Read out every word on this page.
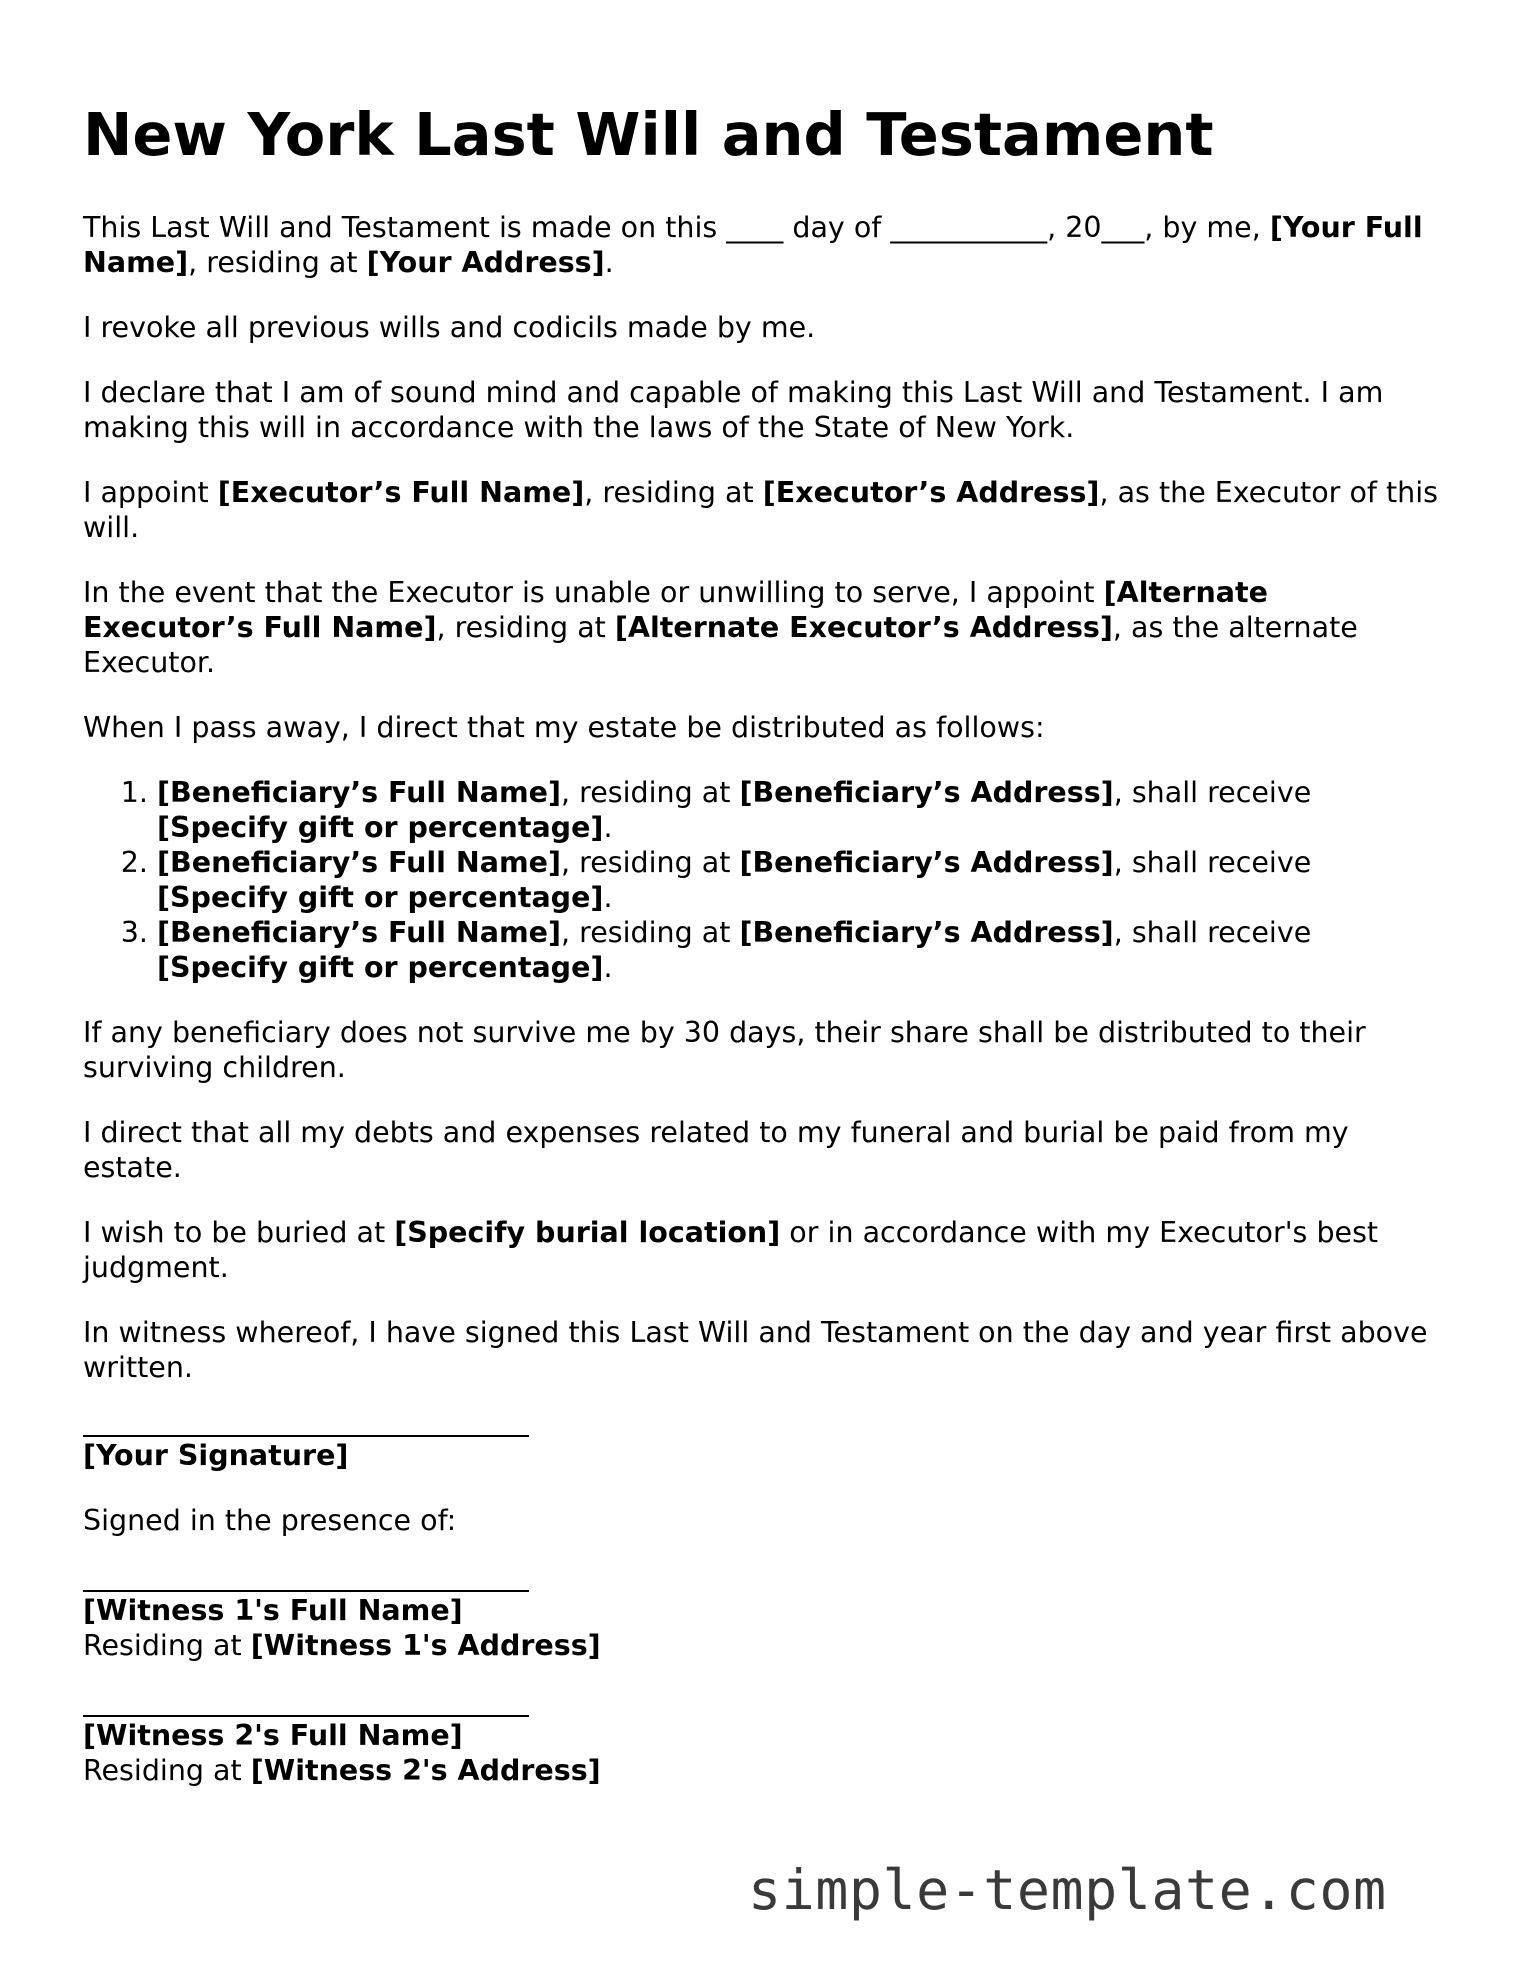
New York Last Will and Testament

This Last Will and Testament is made on this ____ day of ___________, 20___, by me, [Your Full Name], residing at [Your Address].

I revoke all previous wills and codicils made by me.

I declare that I am of sound mind and capable of making this Last Will and Testament. I am making this will in accordance with the laws of the State of New York.

I appoint [Executor’s Full Name], residing at [Executor’s Address], as the Executor of this will.

In the event that the Executor is unable or unwilling to serve, I appoint [Alternate Executor’s Full Name], residing at [Alternate Executor’s Address], as the alternate Executor.

When I pass away, I direct that my estate be distributed as follows:

1. [Beneficiary’s Full Name], residing at [Beneficiary’s Address], shall receive [Specify gift or percentage].
2. [Beneficiary’s Full Name], residing at [Beneficiary’s Address], shall receive [Specify gift or percentage].
3. [Beneficiary’s Full Name], residing at [Beneficiary’s Address], shall receive [Specify gift or percentage].

If any beneficiary does not survive me by 30 days, their share shall be distributed to their surviving children.

I direct that all my debts and expenses related to my funeral and burial be paid from my estate.

I wish to be buried at [Specify burial location] or in accordance with my Executor's best judgment.

In witness whereof, I have signed this Last Will and Testament on the day and year first above written.

[Your Signature]

Signed in the presence of:

[Witness 1's Full Name]
Residing at [Witness 1's Address]
[Witness 2's Full Name]
Residing at [Witness 2's Address]
simple-template.com
